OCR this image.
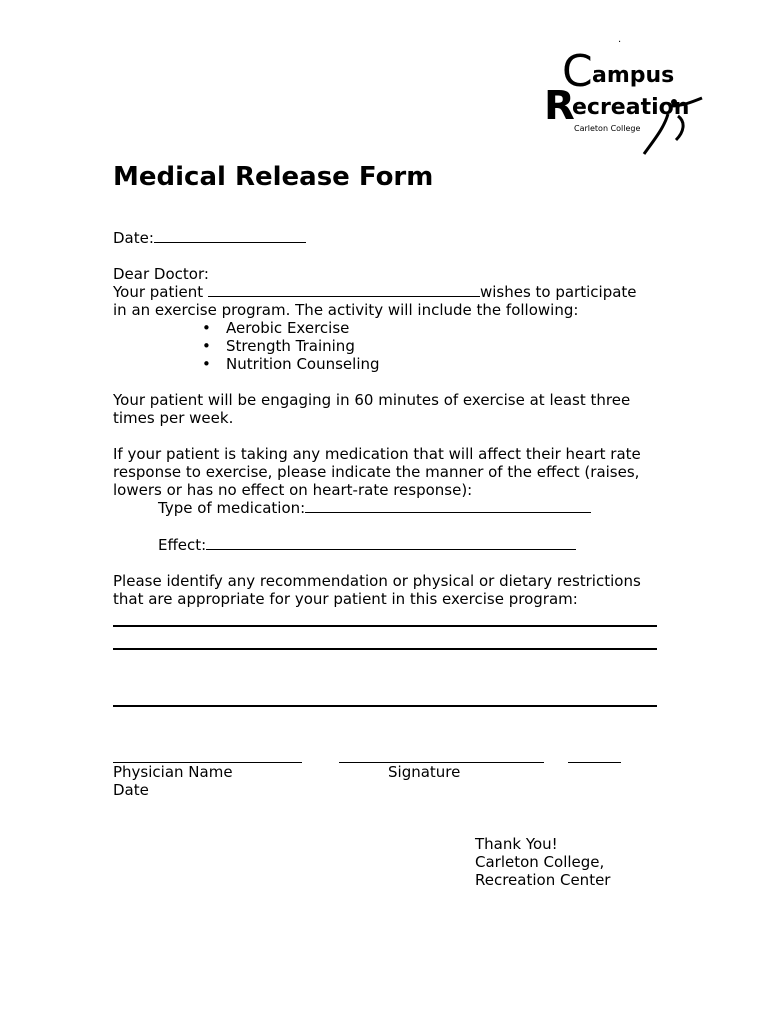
.
C ampus
R
ecreation
Carleton College
Medical Release Form
Date:
Dear Doctor:
Your patient	wishes to participate
in an exercise program. The activity will include the following:
• Aerobic Exercise
• Strength Training
• Nutrition Counseling
Your patient will be engaging in 60 minutes of exercise at least three
times per week.
If your patient is taking any medication that will affect their heart rate
response to exercise, please indicate the manner of the effect (raises,
lowers or has no effect on heart-rate response):
Type of medication:
Effect:
Please identify any recommendation or physical or dietary restrictions
that are appropriate for your patient in this exercise program:
Physician Name	Signature
Date
Thank You!
Carleton College,
Recreation Center
